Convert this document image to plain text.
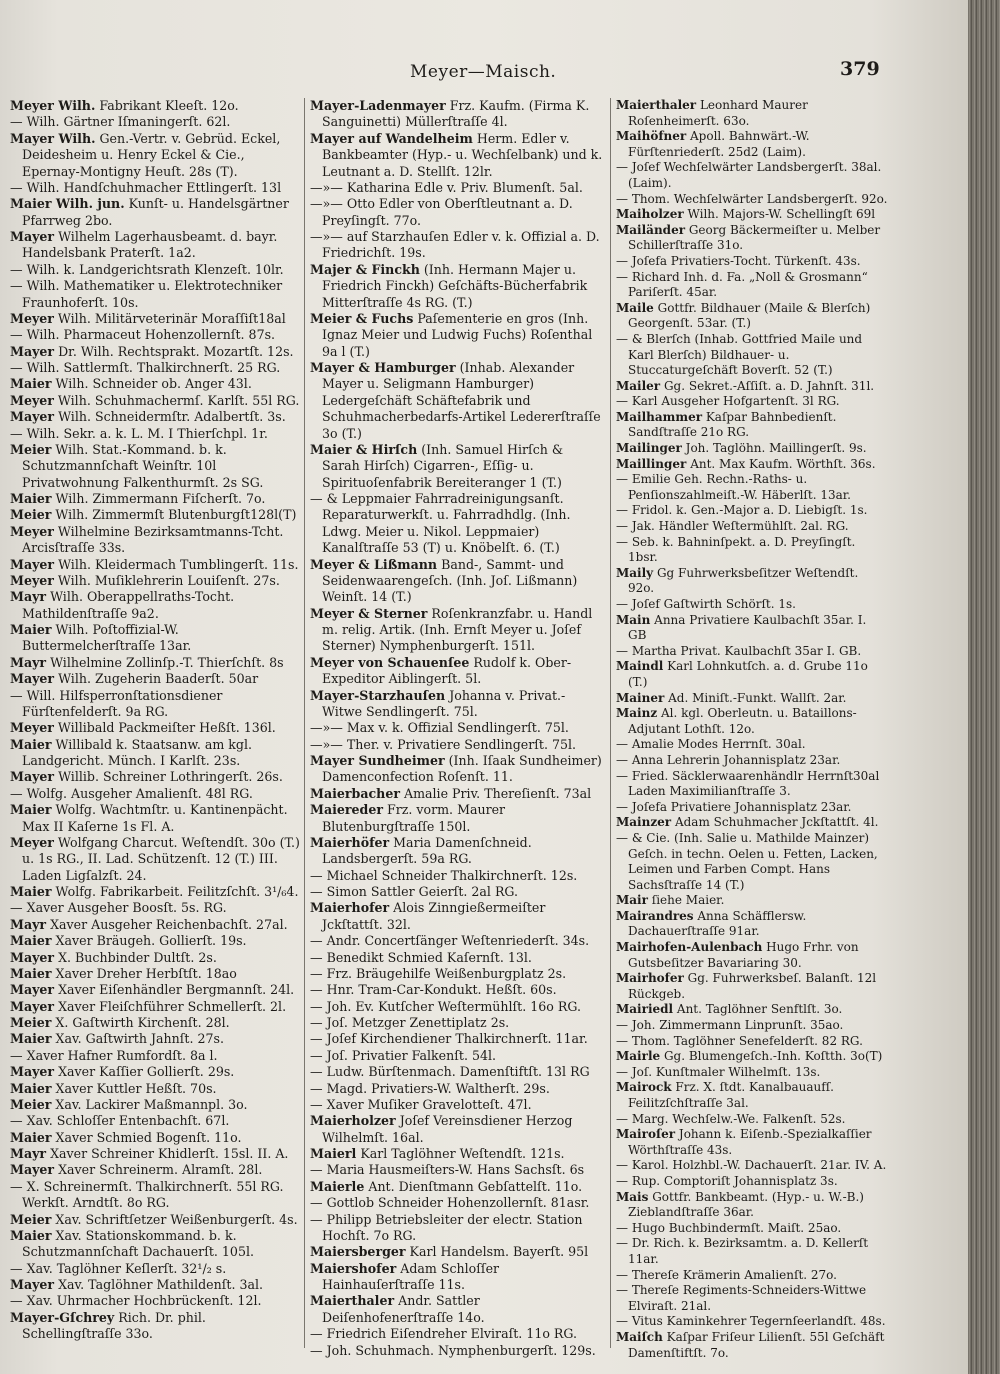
Meyer—Maisch.	379

Meyer Wilh. Fabrikant Kleeſt. 12o.

— Wilh. Gärtner Iſmaningerſt. 62l.

Mayer Wilh. Gen.-Vertr. v. Gebrüd. Eckel, Deidesheim u. Henry Eckel & Cie., Epernay-Montigny Heuſt. 28s (T).

— Wilh. Handſchuhmacher Ettlingerſt. 13l

Maier Wilh. jun. Kunſt- u. Handelsgärtner Pfarrweg 2bo.

Mayer Wilhelm Lagerhausbeamt. d. bayr. Handelsbank Praterſt. 1a2.

— Wilh. k. Landgerichtsrath Klenzeſt. 10lr.

— Wilh. Mathematiker u. Elektrotechniker Fraunhoferſt. 10s.

Meyer Wilh. Militärveterinär Moraſſiſt18al

— Wilh. Pharmaceut Hohenzollernſt. 87s.

Mayer Dr. Wilh. Rechtsprakt. Mozartſt. 12s.

— Wilh. Sattlermſt. Thalkirchnerſt. 25 RG.

Maier Wilh. Schneider ob. Anger 43l.

Meyer Wilh. Schuhmachermſ. Karlſt. 55l RG.

Mayer Wilh. Schneidermſtr. Adalbertſt. 3s.

— Wilh. Sekr. a. k. L. M. I Thierſchpl. 1r.

Meier Wilh. Stat.-Kommand. b. k. Schutzmannſchaft Weinſtr. 10l Privatwohnung Falkenthurmſt. 2s SG.

Maier Wilh. Zimmermann Fiſcherſt. 7o.

Meier Wilh. Zimmermſt Blutenburgſt128l(T)

Meyer Wilhelmine Bezirksamtmanns-Tcht. Arcisſtraſſe 33s.

Mayer Wilh. Kleidermach Tumblingerſt. 11s.

Meyer Wilh. Muſiklehrerin Louiſenſt. 27s.

Mayr Wilh. Oberappellraths-Tocht. Mathildenſtraſſe 9a2.

Maier Wilh. Poſtoffizial-W. Buttermelcherſtraſſe 13ar.

Mayr Wilhelmine Zollinſp.-T. Thierſchſt. 8s

Mayer Wilh. Zugeherin Baaderſt. 50ar

— Will. Hilfsperronſtationsdiener Fürſtenfelderſt. 9a RG.

Meyer Willibald Packmeiſter Heßſt. 136l.

Maier Willibald k. Staatsanw. am kgl. Landgericht. Münch. I Karlſt. 23s.

Mayer Willib. Schreiner Lothringerſt. 26s.

— Wolfg. Ausgeher Amalienſt. 48l RG.

Maier Wolfg. Wachtmſtr. u. Kantinenpächt. Max II Kaſerne 1s Fl. A.

Meyer Wolfgang Charcut. Weſtendſt. 30o (T.) u. 1s RG., II. Lad. Schützenſt. 12 (T.) III. Laden Ligſalzſt. 24.

Maier Wolfg. Fabrikarbeit. Feilitzſchſt. 3¹/₆4.

— Xaver Ausgeher Boosſt. 5s. RG.

Mayr Xaver Ausgeher Reichenbachſt. 27al.

Maier Xaver Bräugeh. Gollierſt. 19s.

Mayer X. Buchbinder Dultſt. 2s.

Maier Xaver Dreher Herbſtſt. 18ao

Mayer Xaver Eiſenhändler Bergmannſt. 24l.

Mayer Xaver Fleiſchführer Schmellerſt. 2l.

Meier X. Gaſtwirth Kirchenſt. 28l.

Maier Xav. Gaſtwirth Jahnſt. 27s.

— Xaver Hafner Rumfordſt. 8a l.

Mayer Xaver Kaſſier Gollierſt. 29s.

Maier Xaver Kuttler Heßſt. 70s.

Meier Xav. Lackirer Maßmannpl. 3o.

— Xav. Schloſſer Entenbachſt. 67l.

Maier Xaver Schmied Bogenſt. 11o.

Mayr Xaver Schreiner Khidlerſt. 15sl. II. A.

Mayer Xaver Schreinerm. Alramſt. 28l.

— X. Schreinermſt. Thalkirchnerſt. 55l RG. Werkſt. Arndtſt. 8o RG.

Meier Xav. Schriftſetzer Weißenburgerſt. 4s.

Maier Xav. Stationskommand. b. k. Schutzmannſchaft Dachauerſt. 105l.

— Xav. Taglöhner Keſlerſt. 32¹/₂ s.

Mayer Xav. Taglöhner Mathildenſt. 3al.

— Xav. Uhrmacher Hochbrückenſt. 12l.

Mayer-Gſchrey Rich. Dr. phil. Schellingſtraſſe 33o.

Mayer-Ladenmayer Frz. Kaufm. (Firma K. Sanguinetti) Müllerſtraſſe 4l.

Mayer auf Wandelheim Herm. Edler v. Bankbeamter (Hyp.- u. Wechſelbank) und k. Leutnant a. D. Stellſt. 12lr.

—»— Katharina Edle v. Priv. Blumenſt. 5al.

—»— Otto Edler von Oberſtleutnant a. D. Preyſingſt. 77o.

—»— auf Starzhauſen Edler v. k. Offizial a. D. Friedrichſt. 19s.

Majer & Finckh (Inh. Hermann Majer u. Friedrich Finckh) Geſchäfts-Bücherfabrik Mitterſtraſſe 4s RG. (T.)

Meier & Fuchs Paſementerie en gros (Inh. Ignaz Meier und Ludwig Fuchs) Roſenthal 9a l (T.)

Mayer & Hamburger (Inhab. Alexander Mayer u. Seligmann Hamburger) Ledergeſchäft Schäftefabrik und Schuhmacherbedarfs-Artikel Ledererſtraſſe 3o (T.)

Maier & Hirſch (Inh. Samuel Hirſch & Sarah Hirſch) Cigarren-, Eſſig- u. Spirituoſenfabrik Bereiteranger 1 (T.)

— & Leppmaier Fahrradreinigungsanſt. Reparaturwerkſt. u. Fahrradhdlg. (Inh. Ldwg. Meier u. Nikol. Leppmaier) Kanalſtraſſe 53 (T) u. Knöbelſt. 6. (T.)

Meyer & Lißmann Band-, Sammt- und Seidenwaarengeſch. (Inh. Joſ. Lißmann) Weinſt. 14 (T.)

Meyer & Sterner Roſenkranzfabr. u. Handl m. relig. Artik. (Inh. Ernſt Meyer u. Joſef Sterner) Nymphenburgerſt. 151l.

Meyer von Schauenſee Rudolf k. Ober-Expeditor Aiblingerſt. 5l.

Mayer-Starzhauſen Johanna v. Privat.-Witwe Sendlingerſt. 75l.

—»— Max v. k. Offizial Sendlingerſt. 75l.

—»— Ther. v. Privatiere Sendlingerſt. 75l.

Mayer Sundheimer (Inh. Iſaak Sundheimer) Damenconfection Roſenſt. 11.

Maierbacher Amalie Priv. Thereſienſt. 73al

Maiereder Frz. vorm. Maurer Blutenburgſtraſſe 150l.

Maierhöfer Maria Damenſchneid. Landsbergerſt. 59a RG.

— Michael Schneider Thalkirchnerſt. 12s.

— Simon Sattler Geierſt. 2al RG.

Maierhofer Alois Zinngießermeiſter Jckſtattſt. 32l.

— Andr. Concertſänger Weſtenriederſt. 34s.

— Benedikt Schmied Kaſernſt. 13l.

— Frz. Bräugehilfe Weißenburgplatz 2s.

— Hnr. Tram-Car-Kondukt. Heßſt. 60s.

— Joh. Ev. Kutſcher Weſtermühlſt. 16o RG.

— Joſ. Metzger Zenettiplatz 2s.

— Joſef Kirchendiener Thalkirchnerſt. 11ar.

— Joſ. Privatier Falkenſt. 54l.

— Ludw. Bürſtenmach. Damenſtiftſt. 13l RG

— Magd. Privatiers-W. Waltherſt. 29s.

— Xaver Muſiker Gravelotteſt. 47l.

Maierholzer Joſef Vereinsdiener Herzog Wilhelmſt. 16al.

Maierl Karl Taglöhner Weſtendſt. 121s.

— Maria Hausmeiſters-W. Hans Sachsſt. 6s

Maierle Ant. Dienſtmann Gebſattelſt. 11o.

— Gottlob Schneider Hohenzollernſt. 81asr.

— Philipp Betriebsleiter der electr. Station Hochſt. 7o RG.

Maiersberger Karl Handelsm. Bayerſt. 95l

Maiershofer Adam Schloſſer Hainhauſerſtraſſe 11s.

Maierthaler Andr. Sattler Deiſenhofenerſtraſſe 14o.

— Friedrich Eiſendreher Elviraſt. 11o RG.

— Joh. Schuhmach. Nymphenburgerſt. 129s.

Maierthaler Leonhard Maurer Roſenheimerſt. 63o.

Maihöfner Apoll. Bahnwärt.-W. Fürſtenriederſt. 25d2 (Laim).

— Joſef Wechſelwärter Landsbergerſt. 38al. (Laim).

— Thom. Wechſelwärter Landsbergerſt. 92o.

Maiholzer Wilh. Majors-W. Schellingſt 69l

Mailänder Georg Bäckermeiſter u. Melber Schillerſtraſſe 31o.

— Joſefa Privatiers-Tocht. Türkenſt. 43s.

— Richard Inh. d. Fa. „Noll & Grosmann“ Pariſerſt. 45ar.

Maile Gottfr. Bildhauer (Maile & Blerſch) Georgenſt. 53ar. (T.)

— & Blerſch (Inhab. Gottfried Maile und Karl Blerſch) Bildhauer- u. Stuccaturgeſchäft Boverſt. 52 (T.)

Mailer Gg. Sekret.-Aſſiſt. a. D. Jahnſt. 31l.

— Karl Ausgeher Hofgartenſt. 3l RG.

Mailhammer Kaſpar Bahnbedienſt. Sandſtraſſe 21o RG.

Mailinger Joh. Taglöhn. Maillingerſt. 9s.

Maillinger Ant. Max Kaufm. Wörthſt. 36s.

— Emilie Geh. Rechn.-Raths- u. Penſionszahlmeiſt.-W. Häberlſt. 13ar.

— Fridol. k. Gen.-Major a. D. Liebigſt. 1s.

— Jak. Händler Weſtermühlſt. 2al. RG.

— Seb. k. Bahninſpekt. a. D. Preyſingſt. 1bsr.

Maily Gg Fuhrwerksbeſitzer Weſtendſt. 92o.

— Joſef Gaſtwirth Schörſt. 1s.

Main Anna Privatiere Kaulbachſt 35ar. I. GB

— Martha Privat. Kaulbachſt 35ar I. GB.

Maindl Karl Lohnkutſch. a. d. Grube 11o (T.)

Mainer Ad. Miniſt.-Funkt. Wallſt. 2ar.

Mainz Al. kgl. Oberleutn. u. Bataillons-Adjutant Lothſt. 12o.

— Amalie Modes Herrnſt. 30al.

— Anna Lehrerin Johannisplatz 23ar.

— Fried. Säcklerwaarenhändlr Herrnſt30al Laden Maximilianſtraſſe 3.

— Joſefa Privatiere Johannisplatz 23ar.

Mainzer Adam Schuhmacher Jckſtattſt. 4l.

— & Cie. (Inh. Salie u. Mathilde Mainzer) Geſch. in techn. Oelen u. Fetten, Lacken, Leimen und Farben Compt. Hans Sachsſtraſſe 14 (T.)

Mair ſiehe Maier.

Mairandres Anna Schäfflersw. Dachauerſtraſſe 91ar.

Mairhofen-Aulenbach Hugo Frhr. von Gutsbeſitzer Bavariaring 30.

Mairhofer Gg. Fuhrwerksbeſ. Balanſt. 12l Rückgeb.

Mairiedl Ant. Taglöhner Senftlſt. 3o.

— Joh. Zimmermann Linprunſt. 35ao.

— Thom. Taglöhner Senefelderſt. 82 RG.

Mairle Gg. Blumengeſch.-Inh. Koſtth. 3o(T)

— Joſ. Kunſtmaler Wilhelmſt. 13s.

Mairock Frz. X. ſtdt. Kanalbauaufſ. Feilitzſchſtraſſe 3al.

— Marg. Wechſelw.-We. Falkenſt. 52s.

Mairoſer Johann k. Eiſenb.-Spezialkaſſier Wörthſtraſſe 43s.

— Karol. Holzhbl.-W. Dachauerſt. 21ar. IV. A.

— Rup. Comptoriſt Johannisplatz 3s.

Mais Gottfr. Bankbeamt. (Hyp.- u. W.-B.) Zieblandſtraſſe 36ar.

— Hugo Buchbindermſt. Maiſt. 25ao.

— Dr. Rich. k. Bezirksamtm. a. D. Kellerſt 11ar.

— Thereſe Krämerin Amalienſt. 27o.

— Thereſe Regiments-Schneiders-Wittwe Elviraſt. 21al.

— Vitus Kaminkehrer Tegernſeerlandſt. 48s.

Maiſch Kaſpar Friſeur Lilienſt. 55l Geſchäft Damenſtiftſt. 7o.
